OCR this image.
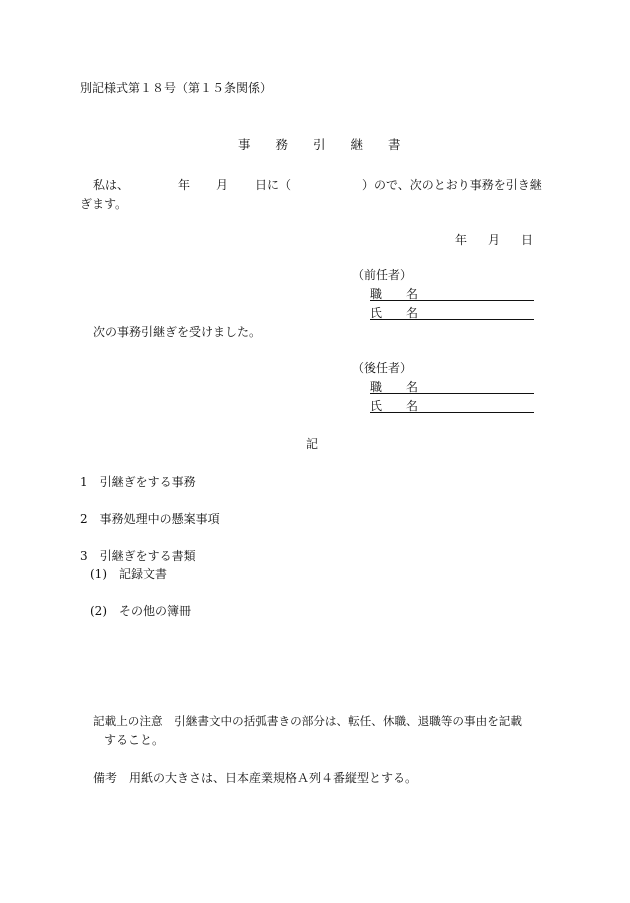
別記様式第１８号（第１５条関係）
事　　務　　引　　継　　書
私は、	年 月 日に（	）ので、次のとおり事務を引き継
ぎます。
年 月 日
（前任者）
職　　名
氏　　名
次の事務引継ぎを受けました。
（後任者）
職　　名
氏　　名
記
1　引継ぎをする事務
2　事務処理中の懸案事項
3　引継ぎをする書類
(1)　記録文書
(2)　その他の簿冊
記載上の注意　引継書文中の括弧書きの部分は、転任、休職、退職等の事由を記載
すること。
備考　用紙の大きさは、日本産業規格Ａ列４番縦型とする。
